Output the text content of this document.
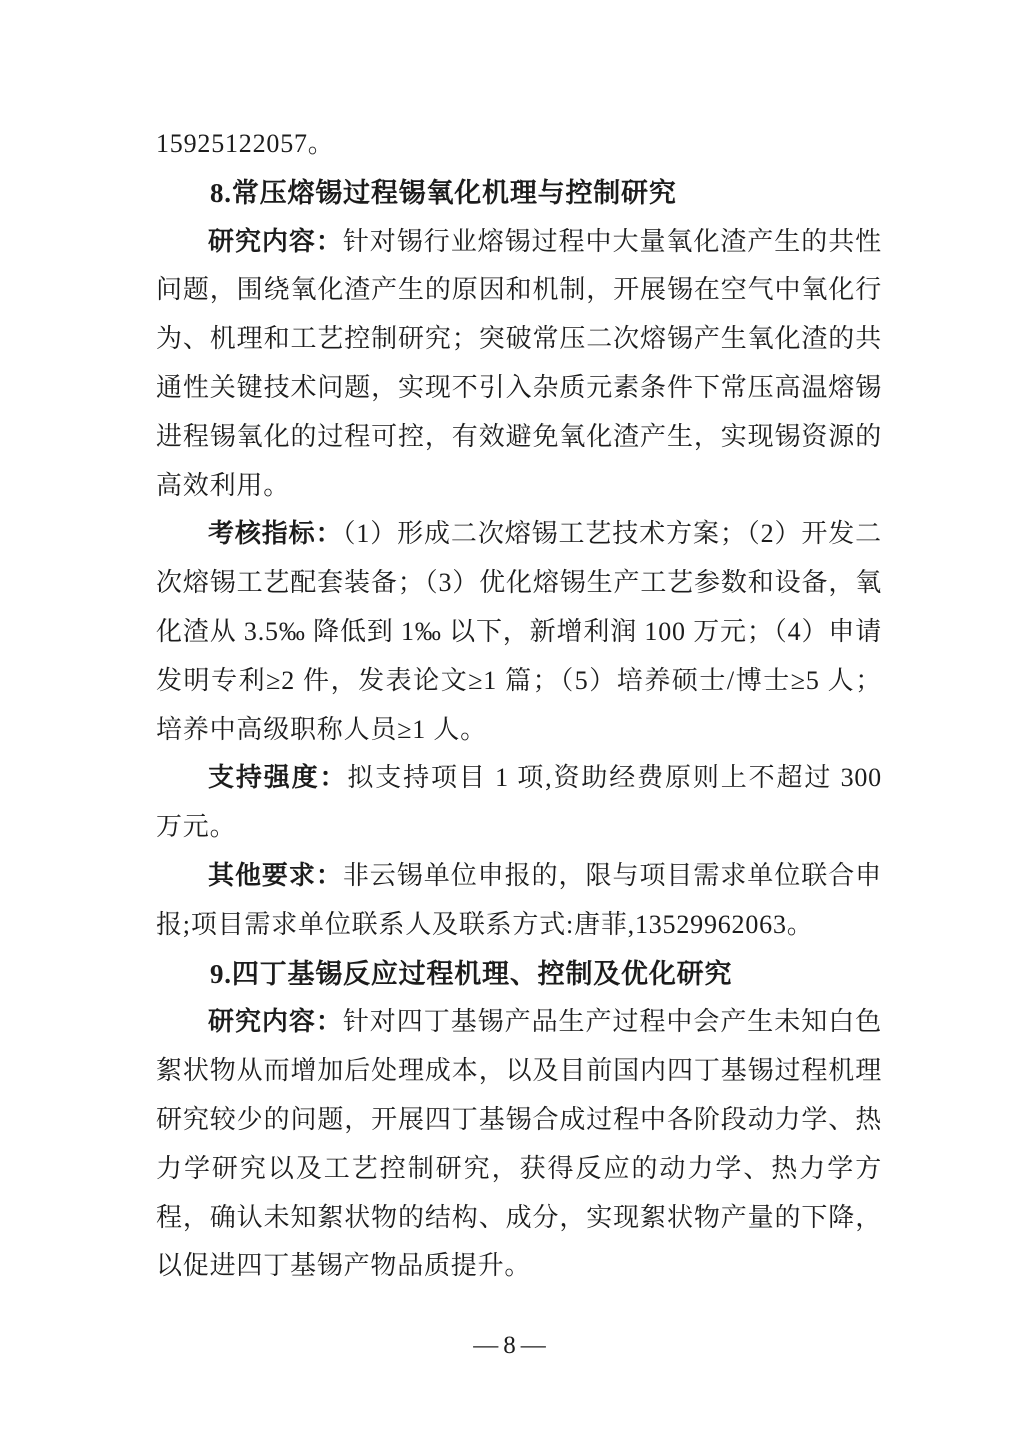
15925122057。

8.常压熔锡过程锡氧化机理与控制研究

研究内容：针对锡行业熔锡过程中大量氧化渣产生的共性问题，围绕氧化渣产生的原因和机制，开展锡在空气中氧化行为、机理和工艺控制研究；突破常压二次熔锡产生氧化渣的共通性关键技术问题，实现不引入杂质元素条件下常压高温熔锡进程锡氧化的过程可控，有效避免氧化渣产生，实现锡资源的高效利用。

考核指标：（1）形成二次熔锡工艺技术方案；（2）开发二次熔锡工艺配套装备；（3）优化熔锡生产工艺参数和设备，氧化渣从 3.5‰ 降低到 1‰ 以下，新增利润 100 万元；（4）申请发明专利≥2 件，发表论文≥1 篇；（5）培养硕士/博士≥5 人；培养中高级职称人员≥1 人。

支持强度：拟支持项目 1 项,资助经费原则上不超过 300 万元。

其他要求：非云锡单位申报的，限与项目需求单位联合申报;项目需求单位联系人及联系方式:唐菲,13529962063。

9.四丁基锡反应过程机理、控制及优化研究

研究内容：针对四丁基锡产品生产过程中会产生未知白色絮状物从而增加后处理成本，以及目前国内四丁基锡过程机理研究较少的问题，开展四丁基锡合成过程中各阶段动力学、热力学研究以及工艺控制研究，获得反应的动力学、热力学方程，确认未知絮状物的结构、成分，实现絮状物产量的下降，以促进四丁基锡产物品质提升。

—8—
